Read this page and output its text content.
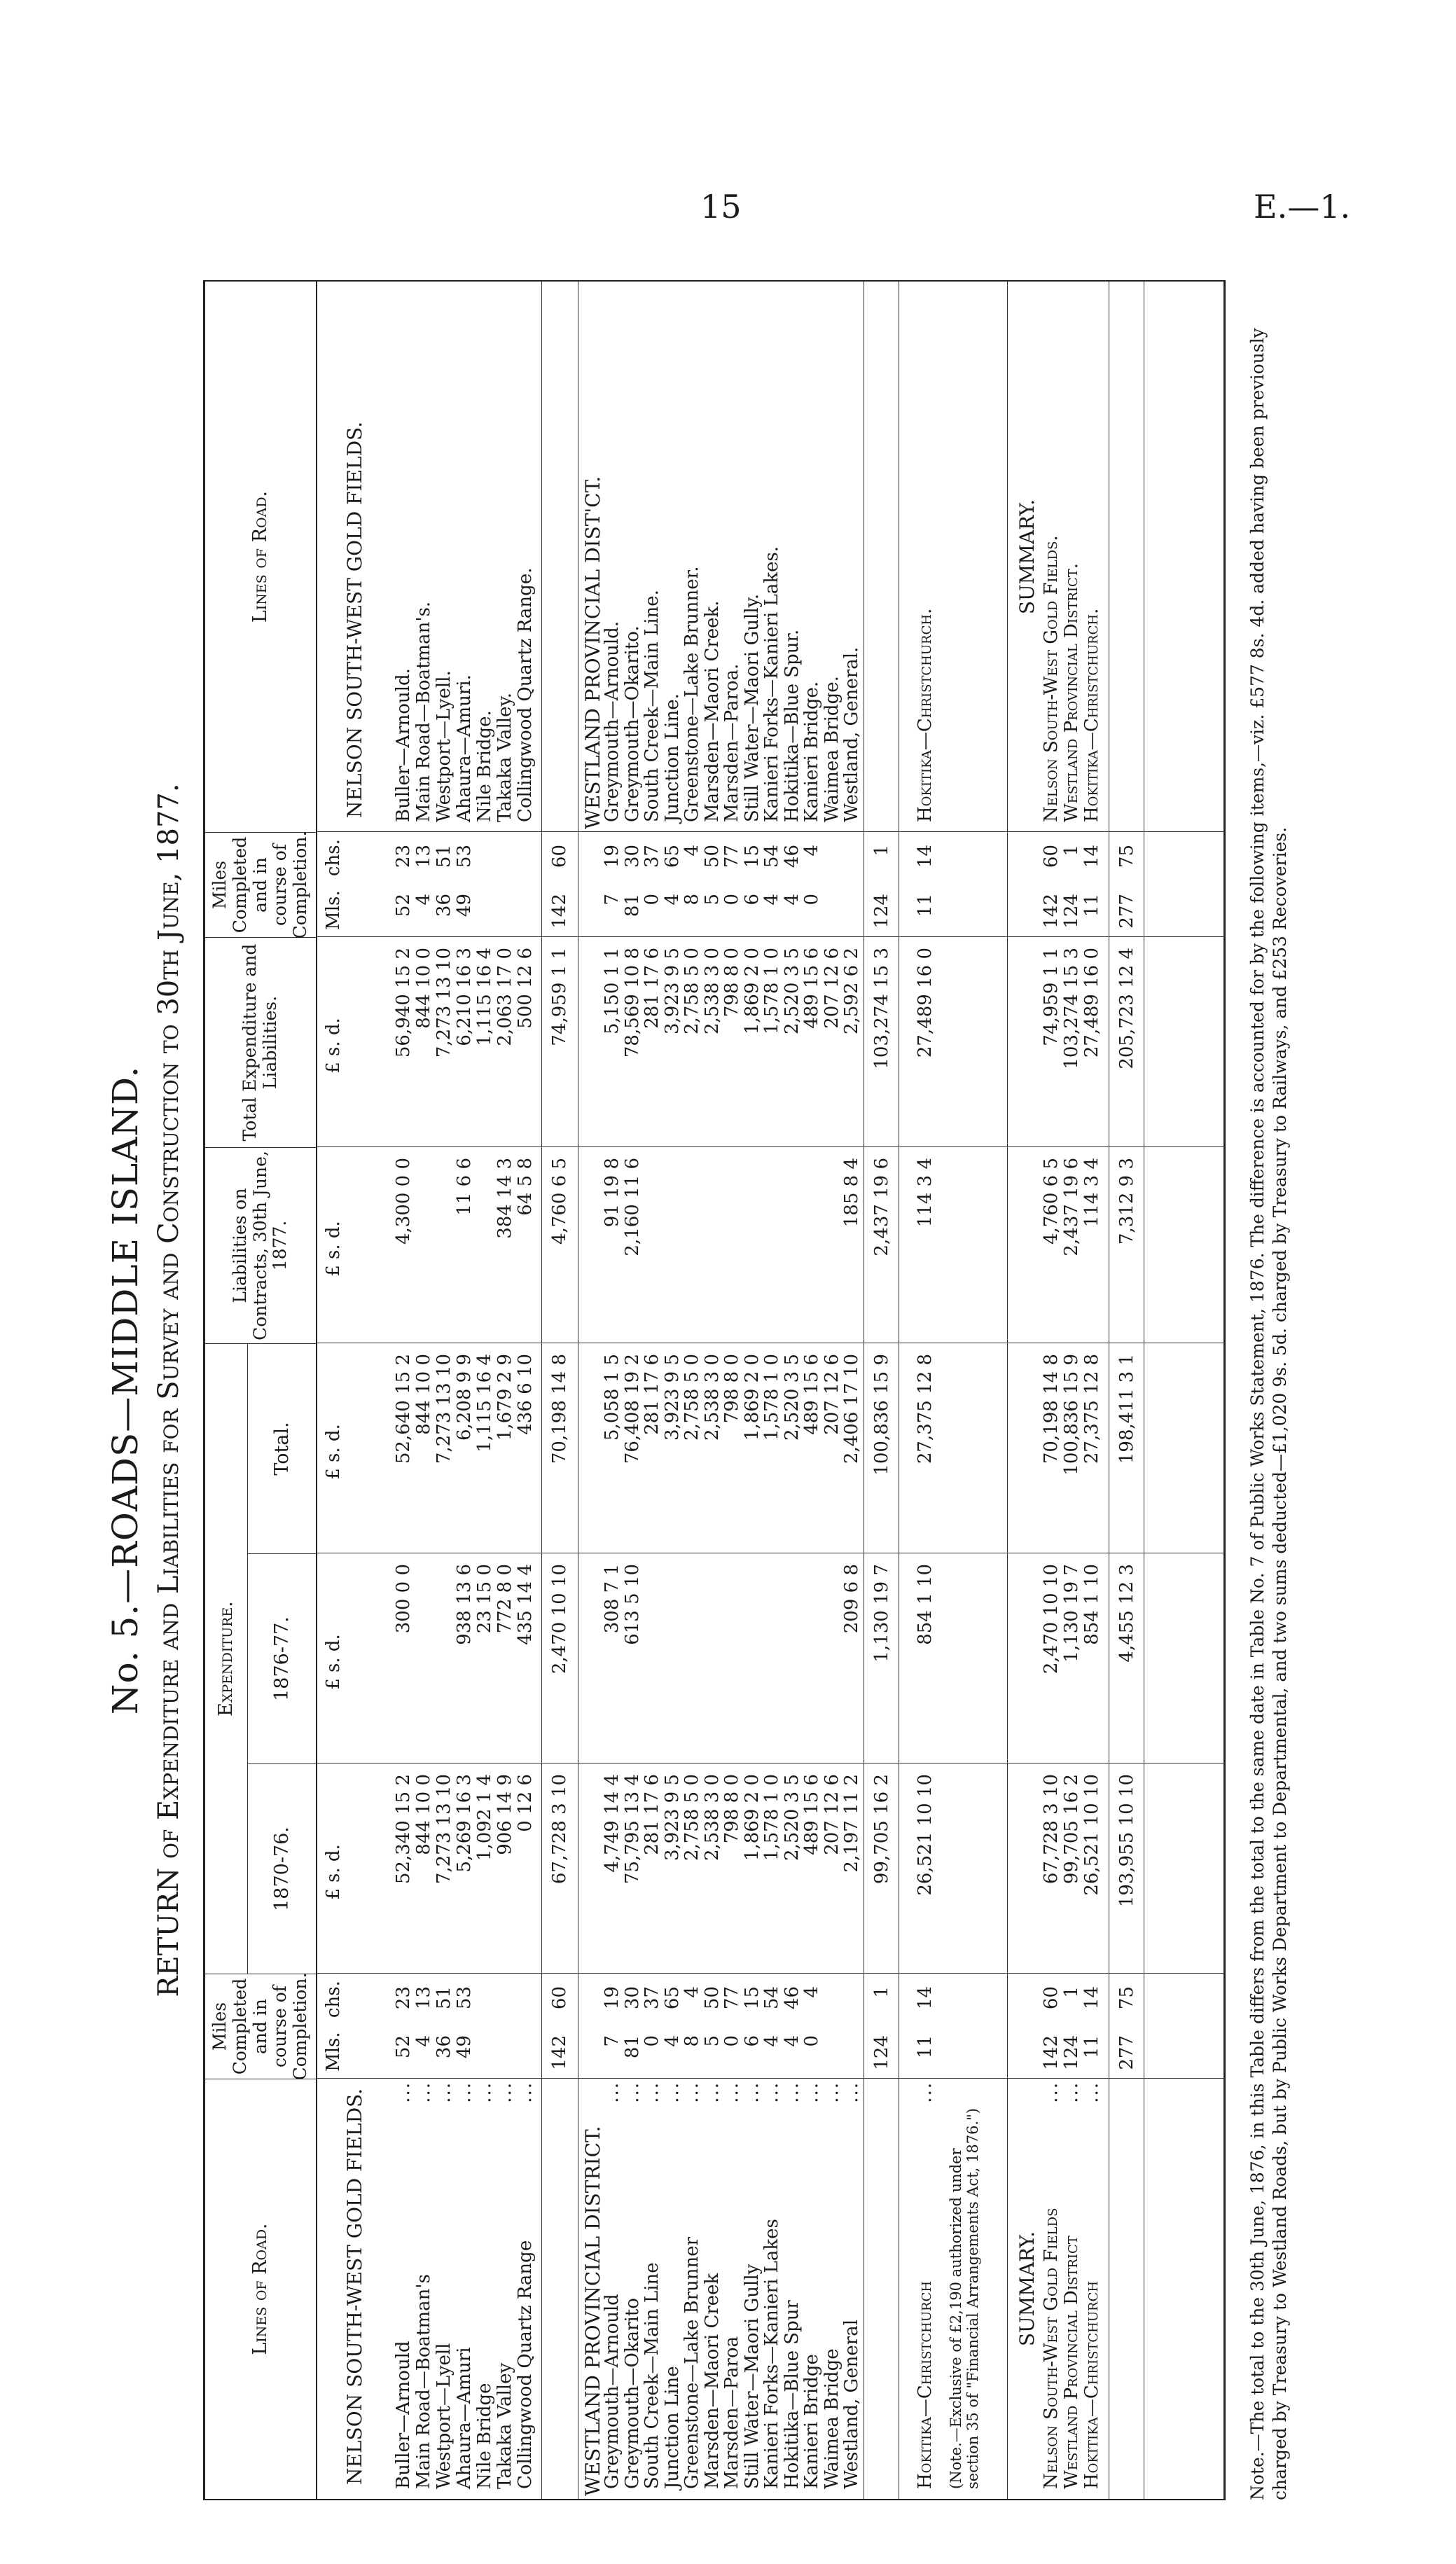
15	E.—1.
No. 5.—ROADS—MIDDLE ISLAND. RETURN of Expenditure and Liabilities for Survey and Construction to 30th June, 1877.
Lines of Road.
Miles Completed and in course of Completion.
Expenditure.
1870-76.
1876-77.
Total.
Liabilities on Contracts, 30th June, 1877.
Total Expenditure and Liabilities.
Miles Completed and in course of Completion.
Lines of Road.
Mls.
chs.
£ s. d.
£ s. d.
£ s. d.
£ s. d.
£ s. d.
Mls.
chs.
NELSON SOUTH-WEST GOLD FIELDS.
NELSON SOUTH-WEST GOLD FIELDS.
Buller—Arnould
...
52
23
52,340 15 2
300 0 0
52,640 15 2
4,300 0 0
56,940 15 2
52
23
Buller—Arnould.
Main Road—Boatman's
...
4
13
844 10 0
844 10 0
844 10 0
4
13
Main Road—Boatman's.
Westport—Lyell
...
36
51
7,273 13 10
7,273 13 10
7,273 13 10
36
51
Westport—Lyell.
Ahaura—Amuri
...
49
53
5,269 16 3
938 13 6
6,208 9 9
11 6 6
6,210 16 3
49
53
Ahaura—Amuri.
Nile Bridge
...
1,092 1 4
23 15 0
1,115 16 4
1,115 16 4
Nile Bridge.
Takaka Valley
...
906 14 9
772 8 0
1,679 2 9
384 14 3
2,063 17 0
Takaka Valley.
Collingwood Quartz Range
...
0 12 6
435 14 4
436 6 10
64 5 8
500 12 6
Collingwood Quartz Range.
142
60
67,728 3 10
2,470 10 10
70,198 14 8
4,760 6 5
74,959 1 1
142
60
WESTLAND PROVINCIAL DISTRICT.
WESTLAND PROVINCIAL DIST'CT.
Greymouth—Arnould
...
7
19
4,749 14 4
308 7 1
5,058 1 5
91 19 8
5,150 1 1
7
19
Greymouth—Arnould.
Greymouth—Okarito
...
81
30
75,795 13 4
613 5 10
76,408 19 2
2,160 11 6
78,569 10 8
81
30
Greymouth—Okarito.
South Creek—Main Line
...
0
37
281 17 6
281 17 6
281 17 6
0
37
South Creek—Main Line.
Junction Line
...
4
65
3,923 9 5
3,923 9 5
3,923 9 5
4
65
Junction Line.
Greenstone—Lake Brunner
...
8
4
2,758 5 0
2,758 5 0
2,758 5 0
8
4
Greenstone—Lake Brunner.
Marsden—Maori Creek
...
5
50
2,538 3 0
2,538 3 0
2,538 3 0
5
50
Marsden—Maori Creek.
Marsden—Paroa
...
0
77
798 8 0
798 8 0
798 8 0
0
77
Marsden—Paroa.
Still Water—Maori Gully
...
6
15
1,869 2 0
1,869 2 0
1,869 2 0
6
15
Still Water—Maori Gully.
Kanieri Forks—Kanieri Lakes
...
4
54
1,578 1 0
1,578 1 0
1,578 1 0
4
54
Kanieri Forks—Kanieri Lakes.
Hokitika—Blue Spur
...
4
46
2,520 3 5
2,520 3 5
2,520 3 5
4
46
Hokitika—Blue Spur.
Kanieri Bridge
...
0
4
489 15 6
489 15 6
489 15 6
0
4
Kanieri Bridge.
Waimea Bridge
...
207 12 6
207 12 6
207 12 6
Waimea Bridge.
Westland, General
...
2,197 11 2
209 6 8
2,406 17 10
185 8 4
2,592 6 2
Westland, General.
124
1
99,705 16 2
1,130 19 7
100,836 15 9
2,437 19 6
103,274 15 3
124
1
Hokitika—Christchurch
...
11
14
26,521 10 10
854 1 10
27,375 12 8
114 3 4
27,489 16 0
11
14
Hokitika—Christchurch.
(Note.—Exclusive of £2,190 authorized under section 35 of "Financial Arrangements Act, 1876.") SUMMARY.
SUMMARY.
Nelson South-West Gold Fields
...
142
60
67,728 3 10
2,470 10 10
70,198 14 8
4,760 6 5
74,959 1 1
142
60
Nelson South-West Gold Fields.
Westland Provincial District
...
124
1
99,705 16 2
1,130 19 7
100,836 15 9
2,437 19 6
103,274 15 3
124
1
Westland Provincial District.
Hokitika—Christchurch
...
11
14
26,521 10 10
854 1 10
27,375 12 8
114 3 4
27,489 16 0
11
14
Hokitika—Christchurch.
277
75
193,955 10 10
4,455 12 3
198,411 3 1
7,312 9 3
205,723 12 4
277
75	Note.—The total to the 30th June, 1876, in this Table differs from the total to the same date in Table No. 7 of Public Works Statement, 1876. The difference is accounted for by the following items,—viz. £577 8s. 4d. added having been previously charged by Treasury to Westland Roads, but by Public Works Department to Departmental, and two sums deducted—£1,020 9s. 5d. charged by Treasury to Railways, and £253 Recoveries.
